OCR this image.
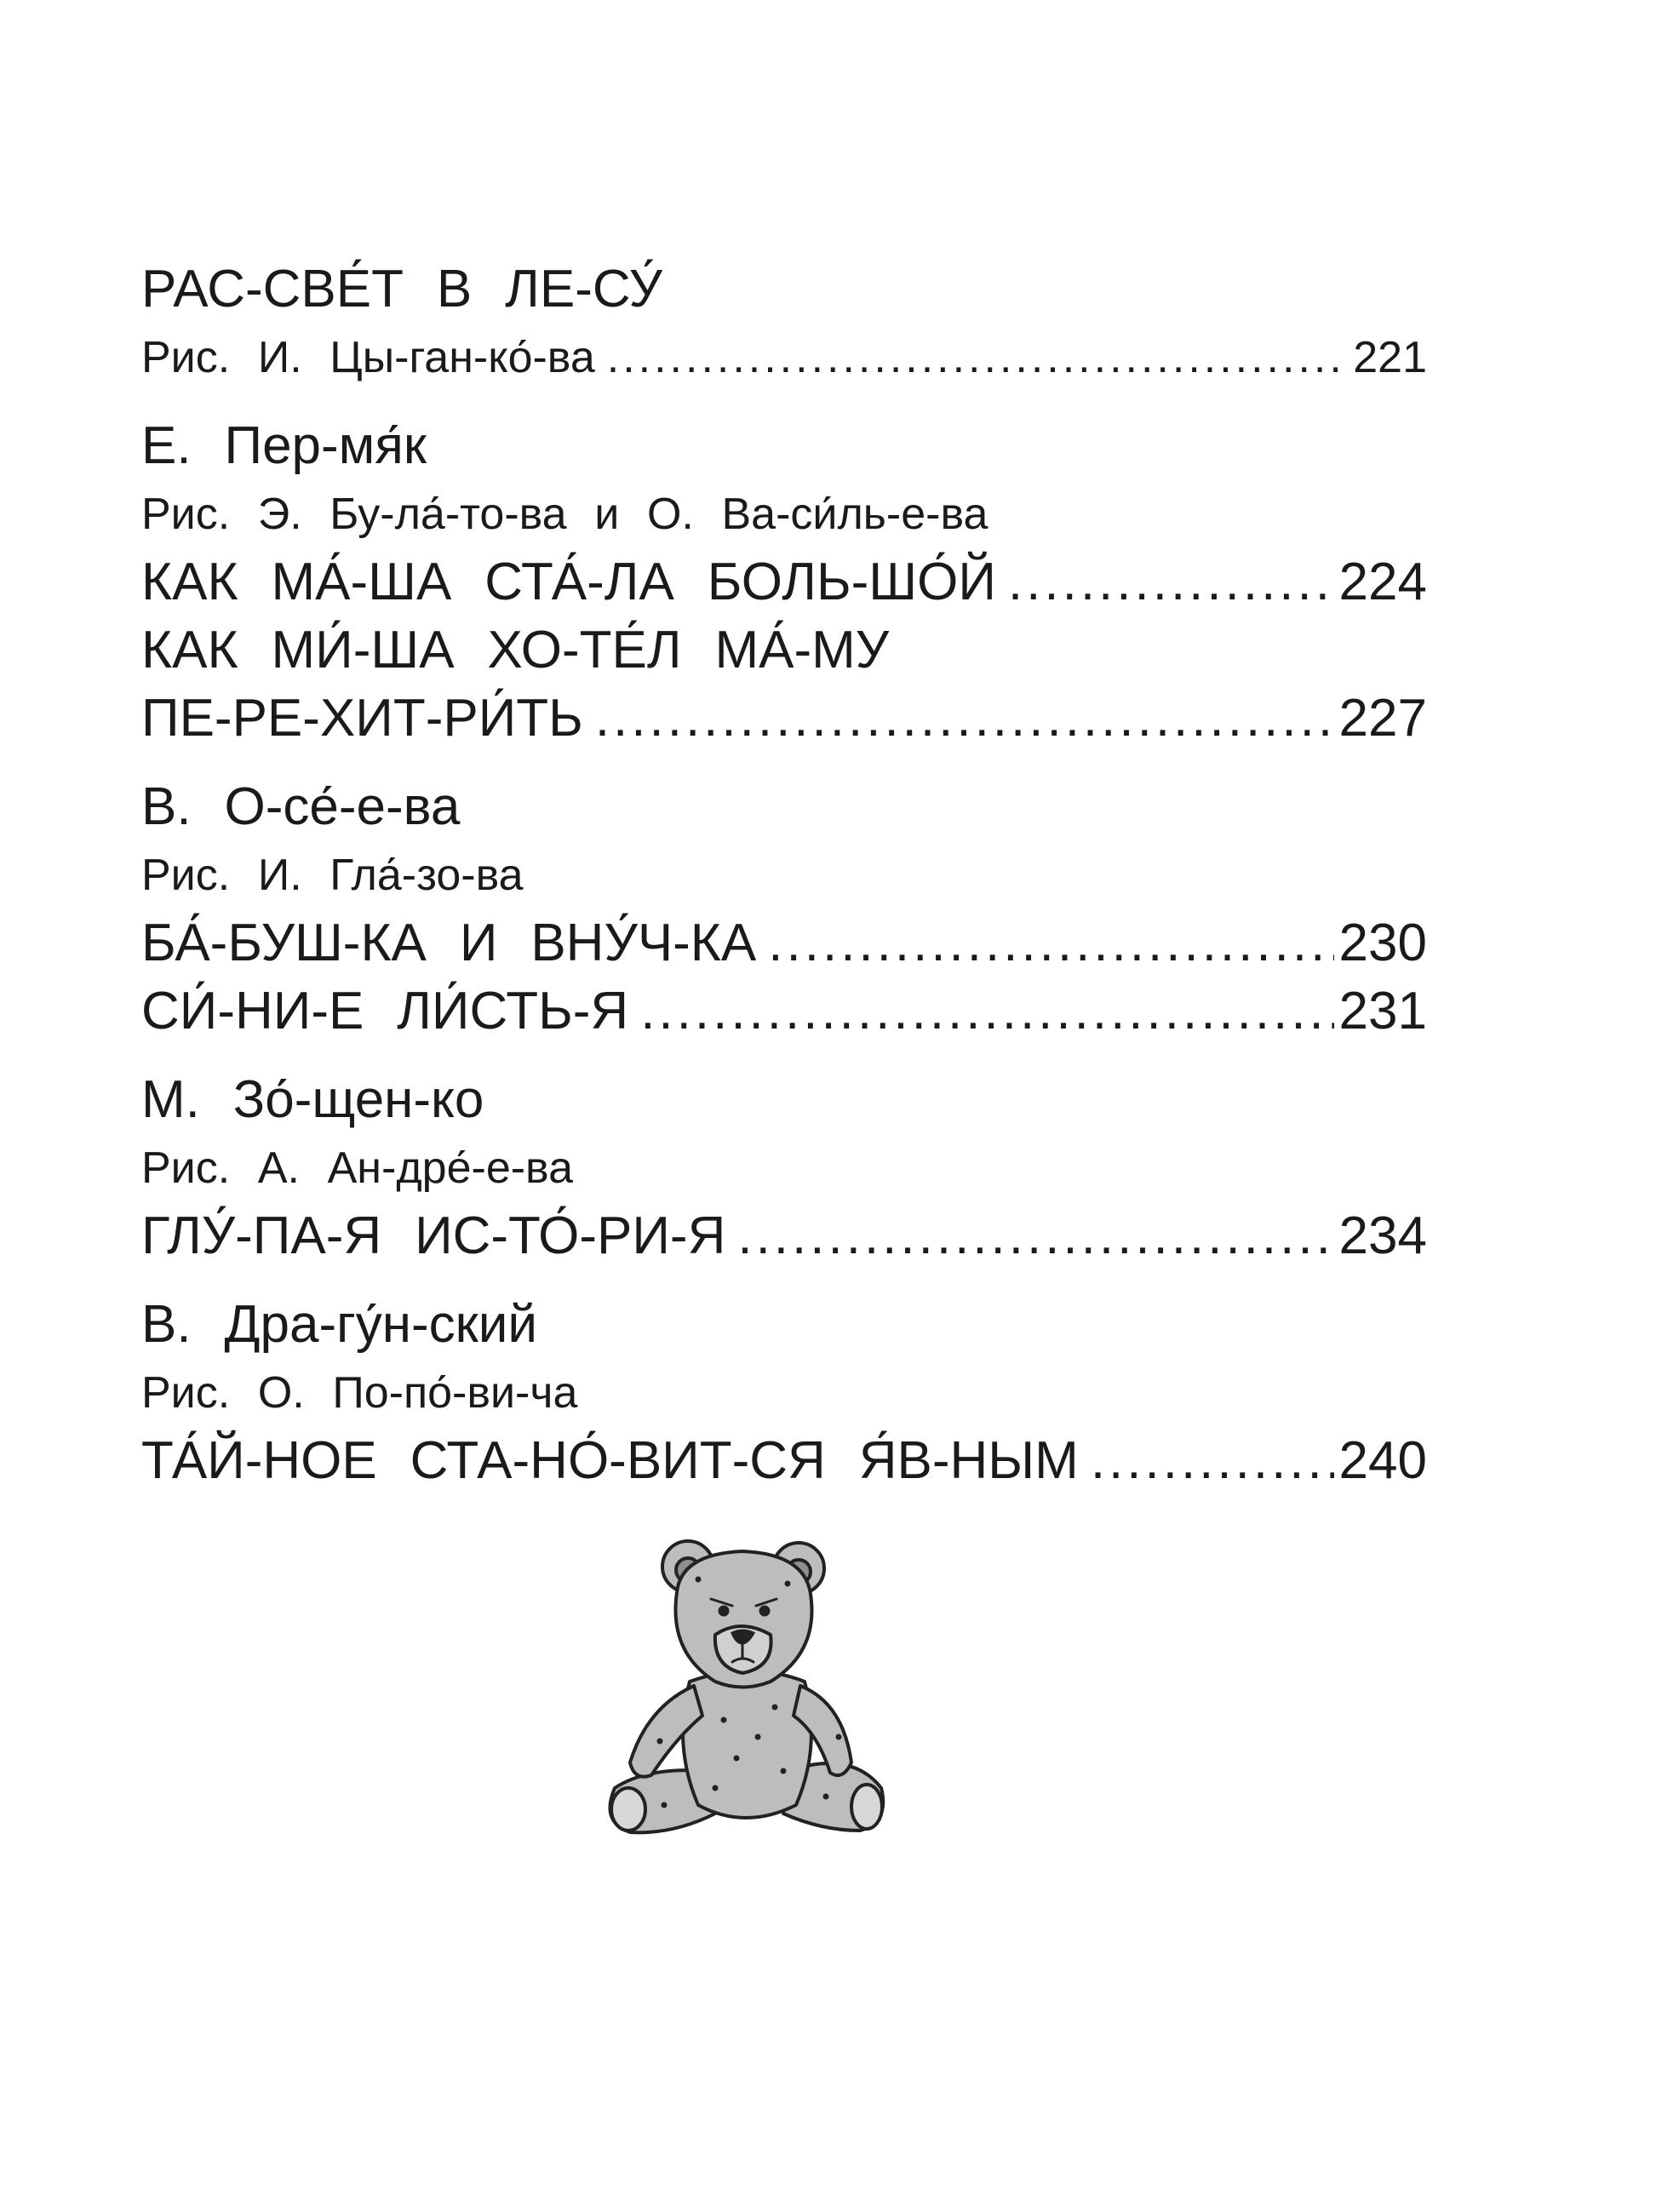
РАС-СВЕ́Т В ЛЕ-СУ́
Рис. И. Цы-ган-ко́-ва .....	221
Е. Пер-мя́к
Рис. Э. Бу-ла́-то-ва и О. Ва-си́ль-е-ва
КАК МА́-ША СТА́-ЛА БОЛЬ-ШО́Й .....	224
КАК МИ́-ША ХО-ТЕ́Л МА́-МУ
ПЕ-РЕ-ХИТ-РИ́ТЬ .....	227
В. О-се́-е-ва
Рис. И. Гла́-зо-ва
БА́-БУШ-КА И ВНУ́Ч-КА .....	230
СИ́-НИ-Е ЛИ́СТЬ-Я .....	231
М. Зо́-щен-ко
Рис. А. Ан-дре́-е-ва
ГЛУ́-ПА-Я ИС-ТО́-РИ-Я .....	234
В. Дра-гу́н-ский
Рис. О. По-по́-ви-ча
ТА́Й-НОЕ СТА-НО́-ВИТ-СЯ Я́В-НЫМ .....	240
